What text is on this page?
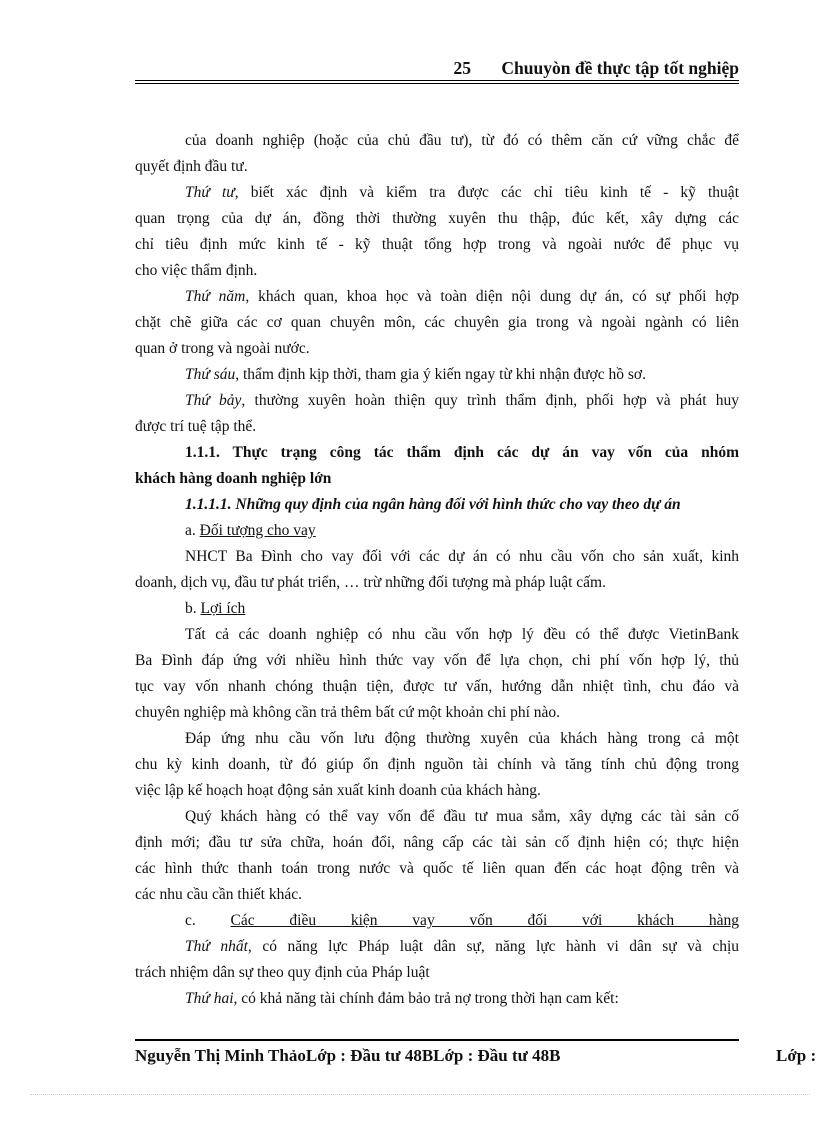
25 Chuuyòn đề thực tập tốt nghiệp
của doanh nghiệp (hoặc của chủ đầu tư), từ đó có thêm căn cứ vững chắc để
quyết định đầu tư.
Thứ tư, biết xác định và kiểm tra được các chỉ tiêu kinh tế - kỹ thuật
quan trọng của dự án, đồng thời thường xuyên thu thập, đúc kết, xây dựng các
chỉ tiêu định mức kinh tế - kỹ thuật tổng hợp trong và ngoài nước để phục vụ
cho việc thẩm định.
Thứ năm, khách quan, khoa học và toàn diện nội dung dự án, có sự phối hợp
chặt chẽ giữa các cơ quan chuyên môn, các chuyên gia trong và ngoài ngành có liên
quan ở trong và ngoài nước.
Thứ sáu, thẩm định kịp thời, tham gia ý kiến ngay từ khi nhận được hồ sơ.
Thứ bảy, thường xuyên hoàn thiện quy trình thẩm định, phối hợp và phát huy
được trí tuệ tập thể.
1.1.1. Thực trạng công tác thẩm định các dự án vay vốn của nhóm
khách hàng doanh nghiệp lớn
1.1.1.1. Những quy định của ngân hàng đối với hình thức cho vay theo dự án
a. Đối tượng cho vay
NHCT Ba Đình cho vay đối với các dự án có nhu cầu vốn cho sản xuất, kinh
doanh, dịch vụ, đầu tư phát triển, … trừ những đối tượng mà pháp luật cấm.
b. Lợi ích
Tất cả các doanh nghiệp có nhu cầu vốn hợp lý đều có thể được VietinBank
Ba Đình đáp ứng với nhiều hình thức vay vốn để lựa chọn, chi phí vốn hợp lý, thủ
tục vay vốn nhanh chóng thuận tiện, được tư vấn, hướng dẫn nhiệt tình, chu đáo và
chuyên nghiệp mà không cần trả thêm bất cứ một khoản chi phí nào.
Đáp ứng nhu cầu vốn lưu động thường xuyên của khách hàng trong cả một
chu kỳ kinh doanh, từ đó giúp ổn định nguồn tài chính và tăng tính chủ động trong
việc lập kế hoạch hoạt động sản xuất kinh doanh của khách hàng.
Quý khách hàng có thể vay vốn để đầu tư mua sắm, xây dựng các tài sản cố
định mới; đầu tư sửa chữa, hoán đổi, nâng cấp các tài sản cố định hiện có; thực hiện
các hình thức thanh toán trong nước và quốc tế liên quan đến các hoạt động trên và
các nhu cầu cần thiết khác.
c. Các điều kiện vay vốn đối với khách hàng
Thứ nhất, có năng lực Pháp luật dân sự, năng lực hành vi dân sự và chịu
trách nhiệm dân sự theo quy định của Pháp luật
Thứ hai, có khả năng tài chính đảm bảo trả nợ trong thời hạn cam kết:
Nguyễn Thị Minh ThảoLớp : Đầu tư 48BLớp : Đầu tư 48B	Lớp :
